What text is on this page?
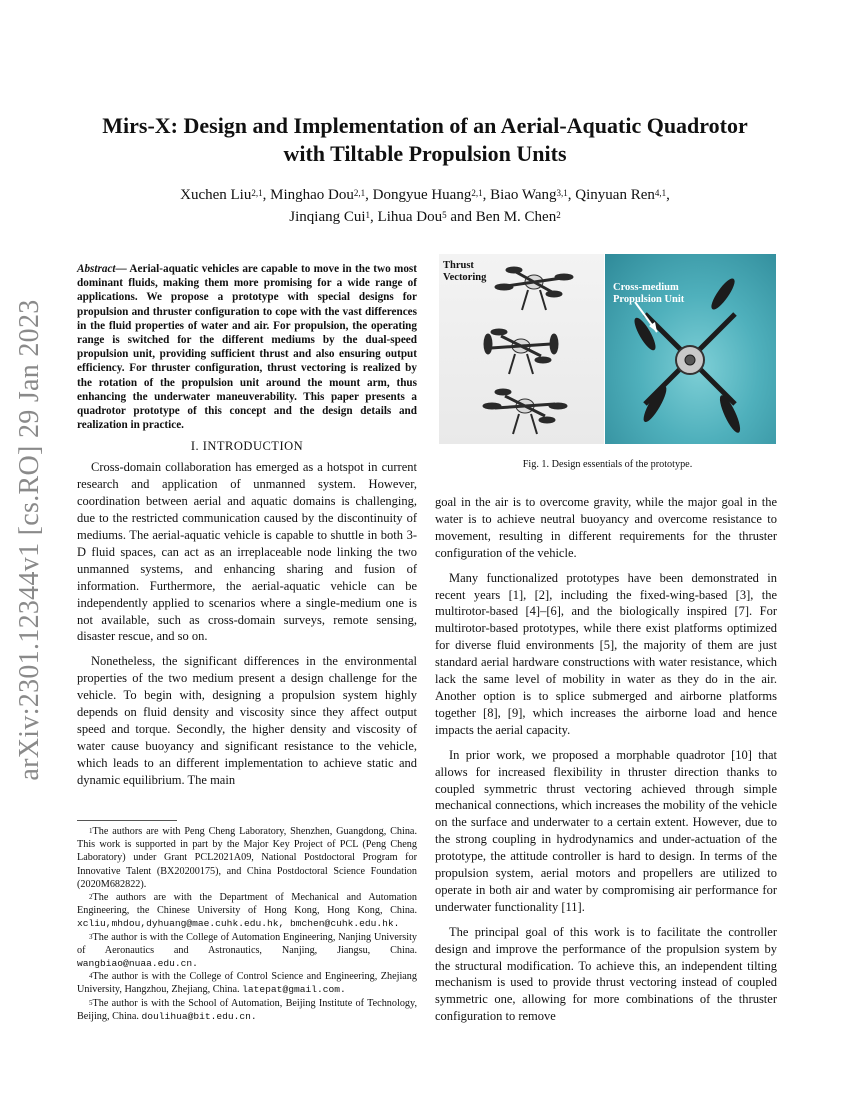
arXiv:2301.12344v1 [cs.RO] 29 Jan 2023
Mirs-X: Design and Implementation of an Aerial-Aquatic Quadrotor
with Tiltable Propulsion Units
Xuchen Liu$^{2,1}$, Minghao Dou$^{2,1}$, Dongyue Huang$^{2,1}$, Biao Wang$^{3,1}$, Qinyuan Ren$^{4,1}$,
Jinqiang Cui$^1$, Lihua Dou$^5$ and Ben M. Chen$^2$

Abstract— Aerial-aquatic vehicles are capable to move in the two most dominant fluids, making them more promising for a wide range of applications. We propose a prototype with special designs for propulsion and thruster configuration to cope with the vast differences in the fluid properties of water and air. For propulsion, the operating range is switched for the different mediums by the dual-speed propulsion unit, providing sufficient thrust and also ensuring output efficiency. For thruster configuration, thrust vectoring is realized by the rotation of the propulsion unit around the mount arm, thus enhancing the underwater maneuverability. This paper presents a quadrotor prototype of this concept and the design details and realization in practice.

I. INTRODUCTION

Cross-domain collaboration has emerged as a hotspot in current research and application of unmanned system. However, coordination between aerial and aquatic domains is challenging, due to the restricted communication caused by the discontinuity of mediums. The aerial-aquatic vehicle is capable to shuttle in both 3-D fluid spaces, can act as an irreplaceable node linking the two unmanned systems, and enhancing sharing and fusion of information. Furthermore, the aerial-aquatic vehicle can be independently applied to scenarios where a single-medium one is not available, such as cross-domain surveys, remote sensing, disaster rescue, and so on.

Nonetheless, the significant differences in the environmental properties of the two medium present a design challenge for the vehicle. To begin with, designing a propulsion system highly depends on fluid density and viscosity since they affect output speed and torque. Secondly, the higher density and viscosity of water cause buoyancy and significant resistance to the vehicle, which leads to an different implementation to achieve static and dynamic equilibrium. The main

$^1$The authors are with Peng Cheng Laboratory, Shenzhen, Guangdong, China. This work is supported in part by the Major Key Project of PCL (Peng Cheng Laboratory) under Grant PCL2021A09, National Postdoctoral Program for Innovative Talent (BX20200175), and China Postdoctoral Science Foundation (2020M682822).

$^2$The authors are with the Department of Mechanical and Automation Engineering, the Chinese University of Hong Kong, Hong Kong, China. xcliu,mhdou,dyhuang@mae.cuhk.edu.hk, bmchen@cuhk.edu.hk.

$^3$The author is with the College of Automation Engineering, Nanjing University of Aeronautics and Astronautics, Nanjing, Jiangsu, China. wangbiao@nuaa.edu.cn.

$^4$The author is with the College of Control Science and Engineering, Zhejiang University, Hangzhou, Zhejiang, China. latepat@gmail.com.

$^5$The author is with the School of Automation, Beijing Institute of Technology, Beijing, China. doulihua@bit.edu.cn.

Thrust
Vectoring
Cross-medium
Propulsion Unit
Fig. 1. Design essentials of the prototype.

goal in the air is to overcome gravity, while the major goal in the water is to achieve neutral buoyancy and overcome resistance to movement, resulting in different requirements for the thruster configuration of the vehicle.

Many functionalized prototypes have been demonstrated in recent years [1], [2], including the fixed-wing-based [3], the multirotor-based [4]–[6], and the biologically inspired [7]. For multirotor-based prototypes, while there exist platforms optimized for diverse fluid environments [5], the majority of them are just standard aerial hardware constructions with water resistance, which lack the same level of mobility in water as they do in the air. Another option is to splice submerged and airborne platforms together [8], [9], which increases the airborne load and hence impacts the aerial capacity.

In prior work, we proposed a morphable quadrotor [10] that allows for increased flexibility in thruster direction thanks to coupled symmetric thrust vectoring achieved through simple mechanical connections, which increases the mobility of the vehicle on the surface and underwater to a certain extent. However, due to the strong coupling in hydrodynamics and under-actuation of the prototype, the attitude controller is hard to design. In terms of the propulsion system, aerial motors and propellers are utilized to operate in both air and water by compromising air performance for underwater functionality [11].

The principal goal of this work is to facilitate the controller design and improve the performance of the propulsion system by the structural modification. To achieve this, an independent tilting mechanism is used to provide thrust vectoring instead of coupled symmetric one, allowing for more combinations of the thruster configuration to remove
